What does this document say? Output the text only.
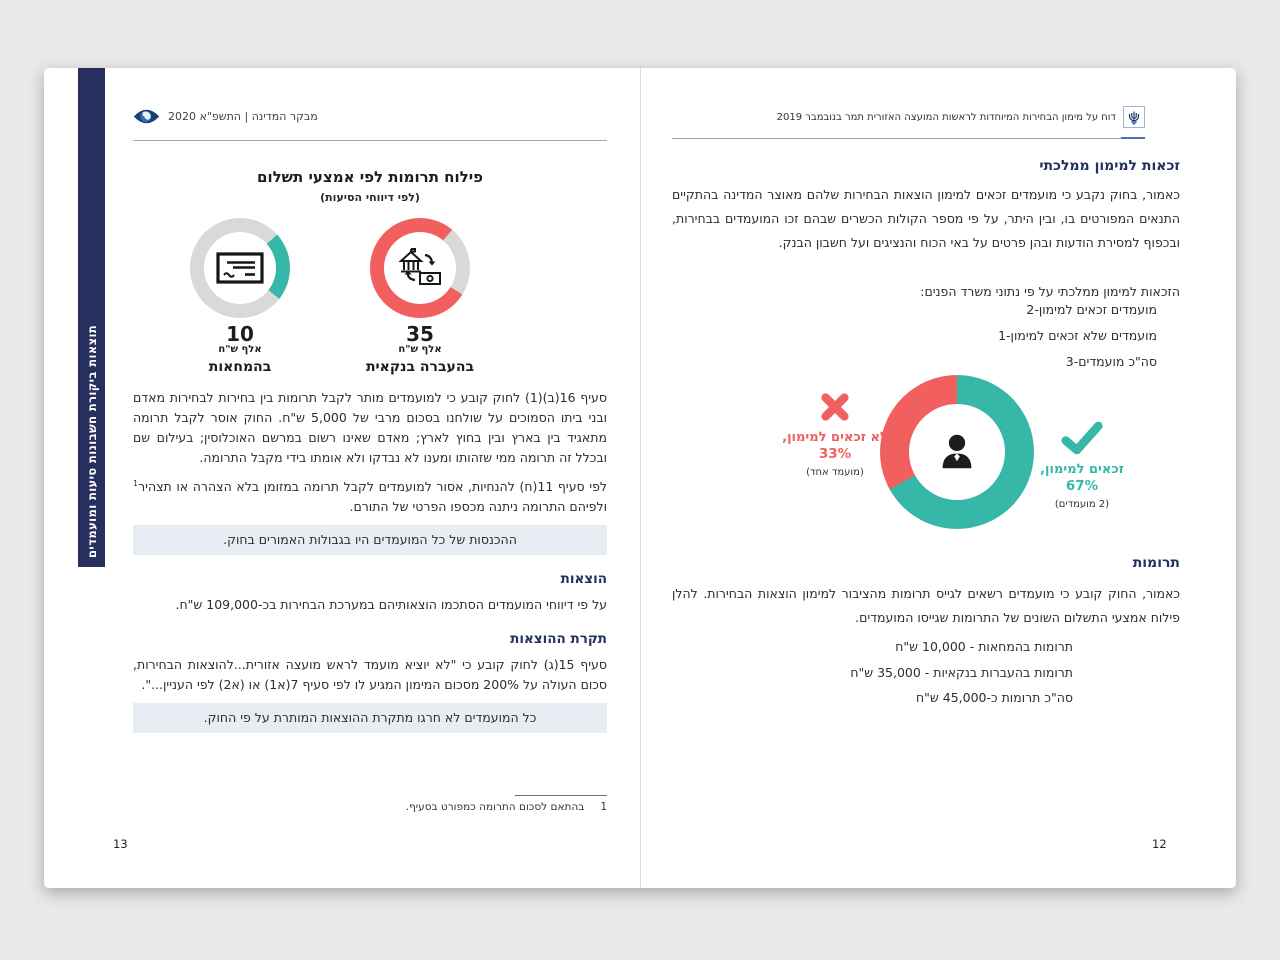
תוצאות ביקורת חשבונות סיעות ומועמדים
מבקר המדינה | התשפ"א 2020
פילוח תרומות לפי אמצעי תשלום
(לפי דיווחי הסיעות)
35
אלף ש"ח
בהעברה בנקאית
10
אלף ש"ח
בהמחאות

סעיף 16(ב)(1) לחוק קובע כי למועמדים מותר לקבל תרומות בין בחירות לבחירות מאדם ובני ביתו הסמוכים על שולחנו בסכום מרבי של 5,000 ש"ח. החוק אוסר לקבל תרומה מתאגיד בין בארץ ובין בחוץ לארץ; מאדם שאינו רשום במרשם האוכלוסין; בעילום שם ובכלל זה תרומה ממי שזהותו ומענו לא נבדקו ולא אומתו בידי מקבל התרומה.

לפי סעיף 11(ח) להנחיות, אסור למועמדים לקבל תרומה במזומן בלא הצהרה או תצהיר$^1$ ולפיהם התרומה ניתנה מכספו הפרטי של התורם.

ההכנסות של כל המועמדים היו בגבולות האמורים בחוק.
הוצאות

על פי דיווחי המועמדים הסתכמו הוצאותיהם במערכת הבחירות בכ-109,000 ש"ח.

תקרת ההוצאות

סעיף 15(ג) לחוק קובע כי "לא יוציא מועמד לראש מועצה אזורית...להוצאות הבחירות, סכום העולה על 200% מסכום המימון המגיע לו לפי סעיף 7(א1) או (א2) לפי העניין...".

כל המועמדים לא חרגו מתקרת ההוצאות המותרת על פי החוק.
1
בהתאם לסכום התרומה כמפורט בסעיף.
13
דוח על מימון הבחירות המיוחדות לראשות המועצה האזורית תמר בנובמבר 2019
זכאות למימון ממלכתי
כאמור, בחוק נקבע כי מועמדים זכאים למימון הוצאות הבחירות שלהם מאוצר המדינה בהתקיים התנאים המפורטים בו, ובין היתר, על פי מספר הקולות הכשרים שבהם זכו המועמדים בבחירות, ובכפוף למסירת הודעות ובהן פרטים על באי הכוח והנציגים ועל חשבון הבנק.
הזכאות למימון ממלכתי על פי נתוני משרד הפנים:
מועמדים זכאים למימון-2
מועמדים שלא זכאים למימון-1
סה"כ מועמדים-3
לא זכאים למימון,
33%
(מועמד אחד)	זכאים למימון,
67%
(2 מועמדים)
תרומות
כאמור, החוק קובע כי מועמדים רשאים לגייס תרומות מהציבור למימון הוצאות הבחירות. להלן פילוח אמצעי התשלום השונים של התרומות שגייסו המועמדים.
תרומות בהמחאות - 10,000 ש"ח
תרומות בהעברות בנקאיות - 35,000 ש"ח
סה"כ תרומות כ-45,000 ש"ח
12
